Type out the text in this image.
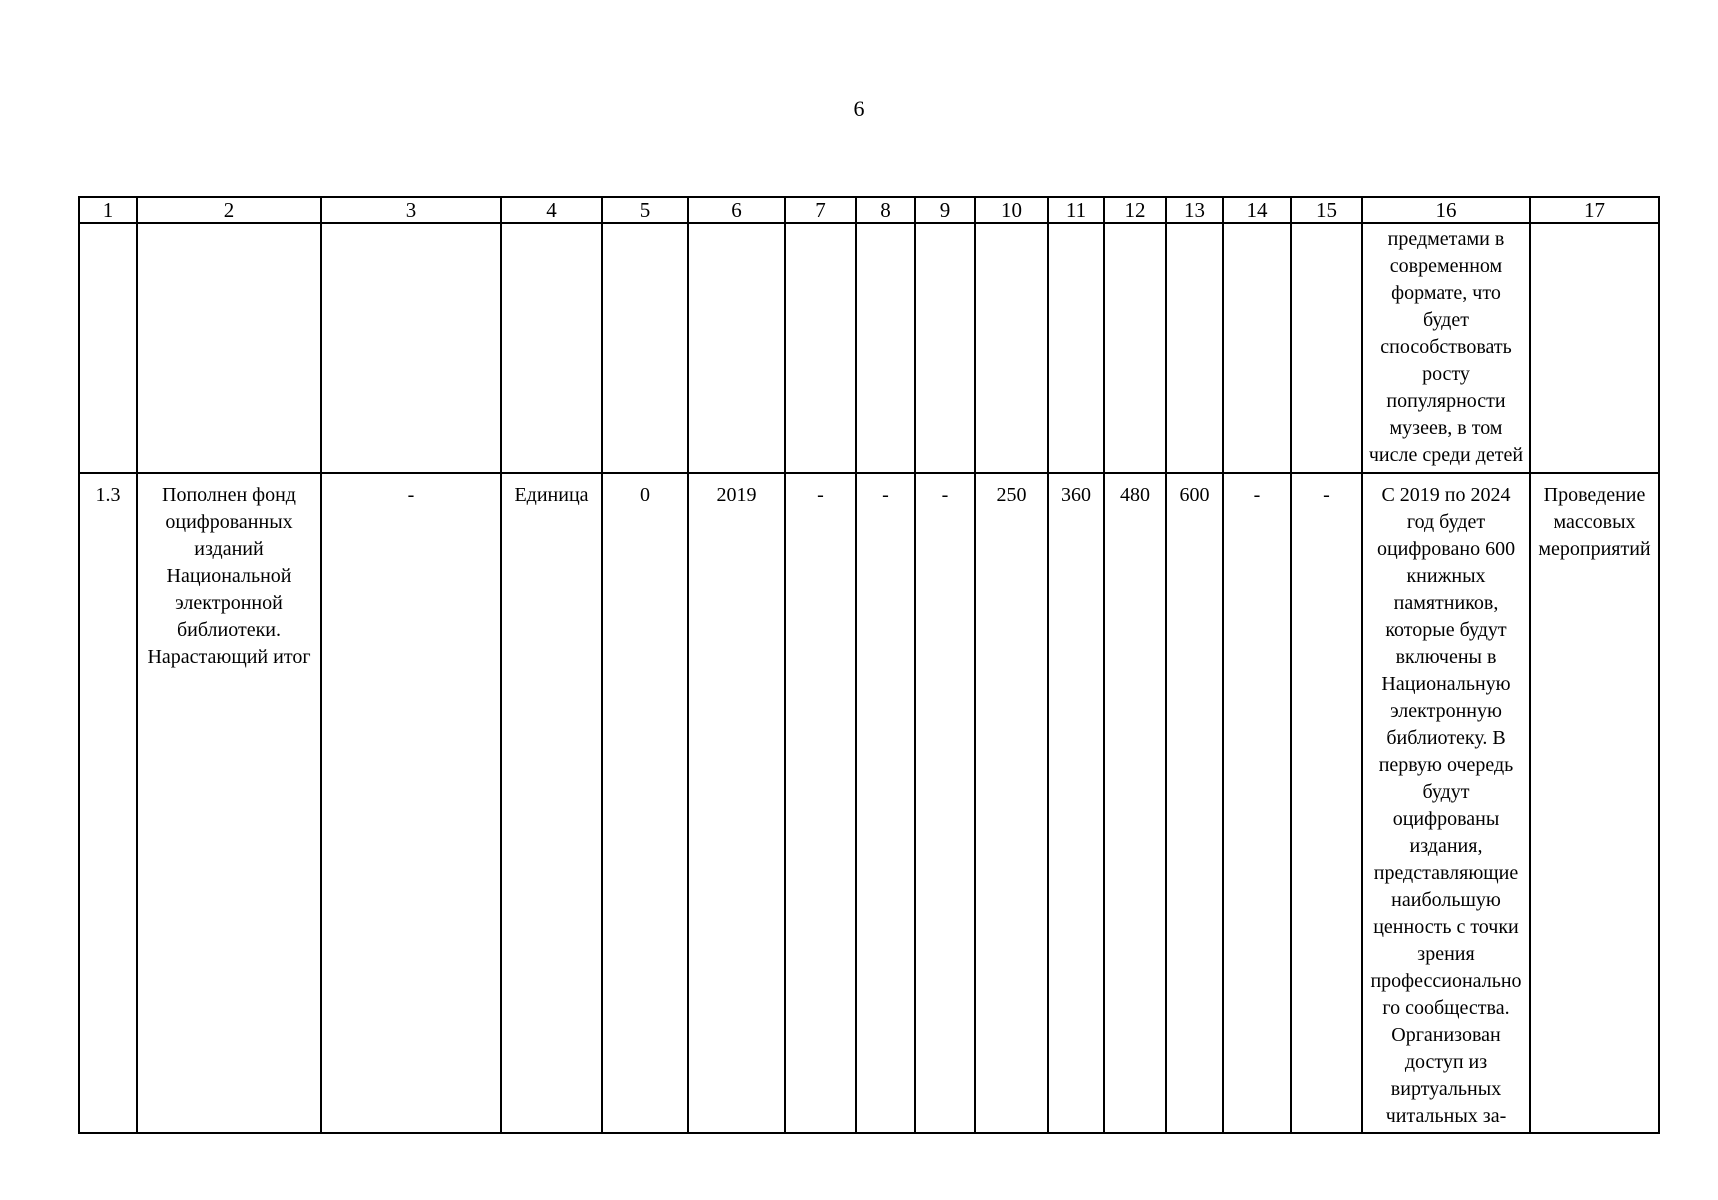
6
1	2	3	4	5	6	7	8	9	10	11	12	13	14	15	16	17
															предметами в современном формате, что будет способствовать росту популярности музеев, в том числе среди детей	
1.3	Пополнен фонд оцифрованных изданий Национальной электронной библиотеки. Нарастающий итог	-	Единица	0	2019	-	-	-	250	360	480	600	-	-	С 2019 по 2024 год будет оцифровано 600 книжных памятников, которые будут включены в Национальную электронную библиотеку. В первую очередь будут оцифрованы издания, представляющие наибольшую ценность с точки зрения профессионального сообщества. Организован доступ из виртуальных читальных за-	Проведение массовых мероприятий
